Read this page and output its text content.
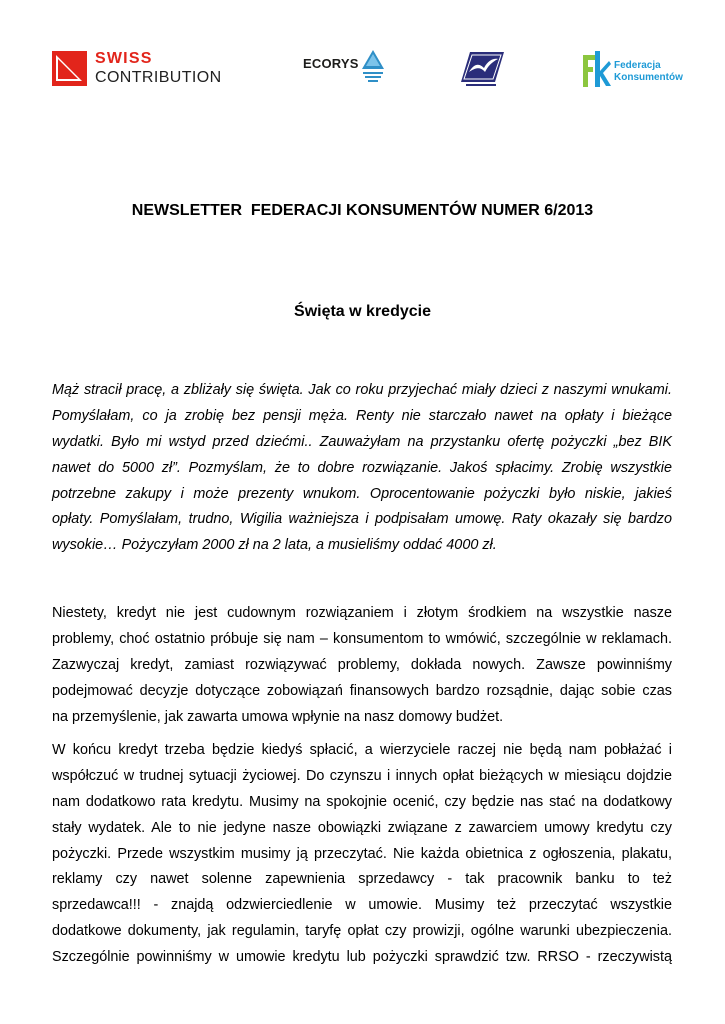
SWISS
CONTRIBUTION
ECORYS	Federacja
Konsumentów
NEWSLETTER  FEDERACJI KONSUMENTÓW NUMER 6/2013
Święta w kredycie
Mąż stracił pracę, a zbliżały się święta. Jak co roku przyjechać miały dzieci z naszymi wnukami.
Pomyślałam, co ja zrobię bez pensji męża. Renty nie starczało nawet na opłaty i bieżące
wydatki. Było mi wstyd przed dziećmi.. Zauważyłam na przystanku ofertę pożyczki „bez BIK
nawet do 5000 zł”. Pozmyślam, że to dobre rozwiązanie. Jakoś spłacimy. Zrobię wszystkie
potrzebne zakupy i może prezenty wnukom. Oprocentowanie pożyczki było niskie, jakieś
opłaty. Pomyślałam, trudno, Wigilia ważniejsza i podpisałam umowę. Raty okazały się bardzo
wysokie… Pożyczyłam 2000 zł na 2 lata, a musieliśmy oddać 4000 zł.
Niestety, kredyt nie jest cudownym rozwiązaniem i złotym środkiem na wszystkie nasze
problemy, choć ostatnio próbuje się nam – konsumentom to wmówić, szczególnie w reklamach.
Zazwyczaj kredyt, zamiast rozwiązywać problemy, dokłada nowych. Zawsze powinniśmy
podejmować decyzje dotyczące zobowiązań finansowych bardzo rozsądnie, dając sobie czas
na przemyślenie, jak zawarta umowa wpłynie na nasz domowy budżet.
W końcu kredyt trzeba będzie kiedyś spłacić, a wierzyciele raczej nie będą nam pobłażać i
współczuć w trudnej sytuacji życiowej. Do czynszu i innych opłat bieżących w miesiącu dojdzie
nam dodatkowo rata kredytu. Musimy na spokojnie ocenić, czy będzie nas stać na dodatkowy
stały wydatek. Ale to nie jedyne nasze obowiązki związane z zawarciem umowy kredytu czy
pożyczki. Przede wszystkim musimy ją przeczytać. Nie każda obietnica z ogłoszenia, plakatu,
reklamy czy nawet solenne zapewnienia sprzedawcy - tak pracownik banku to też
sprzedawca!!! - znajdą odzwierciedlenie w umowie. Musimy też przeczytać wszystkie
dodatkowe dokumenty, jak regulamin, taryfę opłat czy prowizji, ogólne warunki ubezpieczenia.
Szczególnie powinniśmy w umowie kredytu lub pożyczki sprawdzić tzw. RRSO - rzeczywistą
